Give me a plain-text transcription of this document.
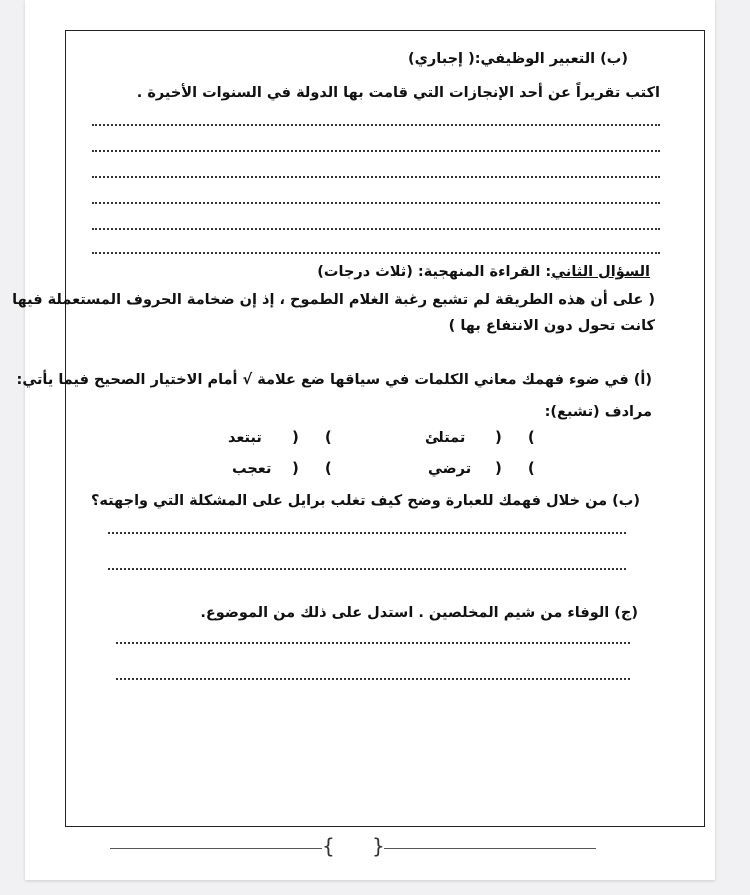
(ب) التعبير الوظيفي:( إجباري)
اكتب تقريراً عن أحد الإنجازات التي قامت بها الدولة في السنوات الأخيرة .
السؤال الثاني: القراءة المنهجية: (ثلاث درجات)
( على أن هذه الطريقة لم تشبع رغبة الغلام الطموح ، إذ إن ضخامة الحروف المستعملة فيها
كانت تحول دون الانتفاع بها )
(أ) في ضوء فهمك معاني الكلمات في سياقها ضع علامة √ أمام الاختيار الصحيح فيما يأتي:
مرادف (تشبع):
) (
تمتلئ
) (
تبتعد
) (
ترضي
) (
تعجب
(ب) من خلال فهمك للعبارة وضح كيف تغلب برايل على المشكلة التي واجهته؟
(ج) الوفاء من شيم المخلصين . استدل على ذلك من الموضوع.
{ }
